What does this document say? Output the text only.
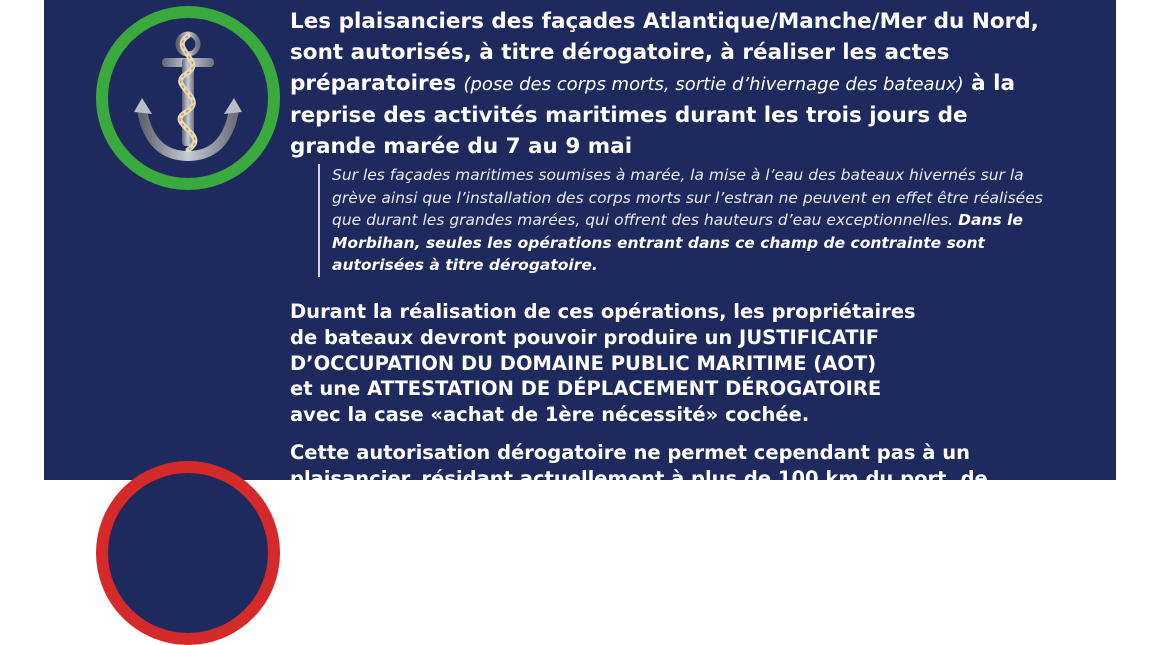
Les plaisanciers des façades Atlantique/Manche/Mer du Nord, sont autorisés, à titre dérogatoire, à réaliser les actes préparatoires (pose des corps morts, sortie d’hivernage des bateaux) à la reprise des activités maritimes durant les trois jours de grande marée du 7 au 9 mai

Sur les façades maritimes soumises à marée, la mise à l’eau des bateaux hivernés sur la grève ainsi que l’installation des corps morts sur l’estran ne peuvent en effet être réalisées que durant les grandes marées, qui offrent des hauteurs d’eau exceptionnelles. Dans le Morbihan, seules les opérations entrant dans ce champ de contrainte sont autorisées à titre dérogatoire.

Durant la réalisation de ces opérations, les propriétaires

de bateaux devront pouvoir produire un JUSTIFICATIF

D’OCCUPATION DU DOMAINE PUBLIC MARITIME (AOT)

et une ATTESTATION DE DÉPLACEMENT DÉROGATOIRE

avec la case «achat de 1ère nécessité» cochée.

Cette autorisation dérogatoire ne permet cependant pas à un

plaisancier, résidant actuellement à plus de 100 km du port, de
